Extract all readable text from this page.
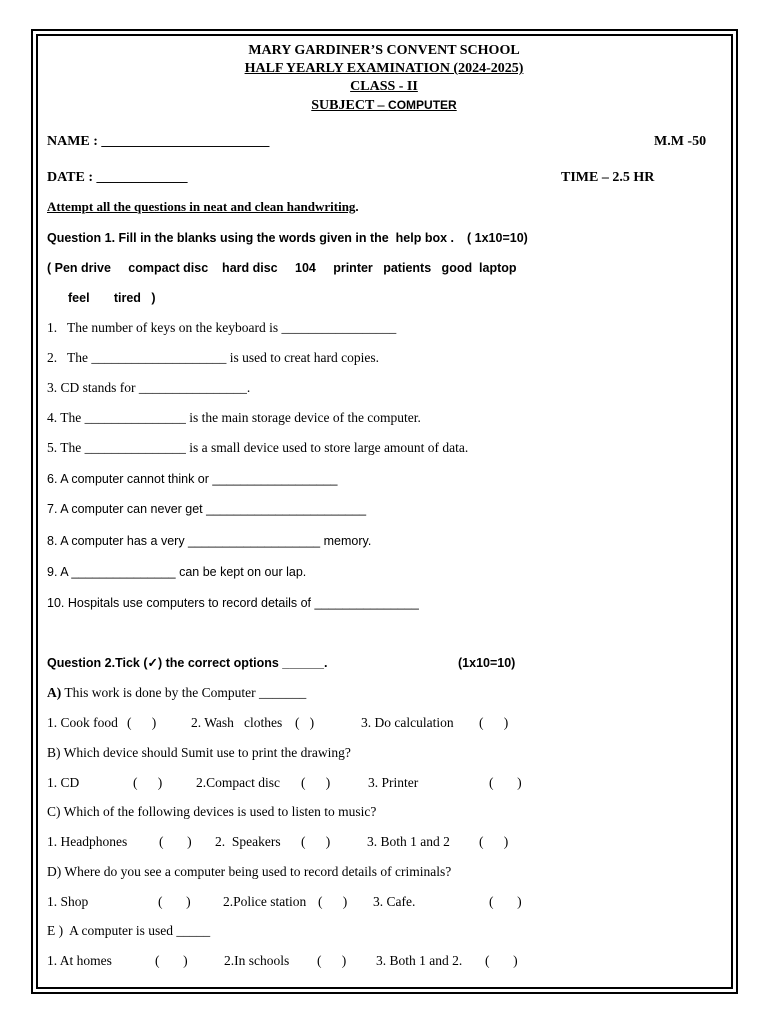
MARY GARDINER’S CONVENT SCHOOL
HALF YEARLY EXAMINATION (2024-2025)
CLASS - II
SUBJECT – COMPUTER
NAME : ________________________	M.M -50
DATE : _____________	TIME – 2.5 HR
Attempt all the questions in neat and clean handwriting.
Question 1. Fill in the blanks using the words given in the  help box . ( 1x10=10)
( Pen drive     compact disc    hard disc     104     printer   patients   good  laptop
feel       tired   )
1.   The number of keys on the keyboard is _________________
2.   The ____________________ is used to creat hard copies.
3. CD stands for ________________.
4. The _______________ is the main storage device of the computer.
5. The _______________ is a small device used to store large amount of data.
6. A computer cannot think or __________________
7. A computer can never get _______________________
8. A computer has a very ___________________ memory.
9. A _______________ can be kept on our lap.
10. Hospitals use computers to record details of _______________
Question 2.Tick (✓) the correct options ______.	(1x10=10)
A) This work is done by the Computer _______
1. Cook food (      )	2. Wash   clothes (   )	3. Do calculation (      )
B) Which device should Sumit use to print the drawing?
1. CD	(      )	2.Compact disc (      )	3. Printer	(       )
C) Which of the following devices is used to listen to music?
1. Headphones (       ) 2.  Speakers (      )	3. Both 1 and 2 (      )
D) Where do you see a computer being used to record details of criminals?
1. Shop	(       ) 2.Police station (      ) 3. Cafe.	(       )
E )  A computer is used _____
1. At homes	(       )	2.In schools (      ) 3. Both 1 and 2. (       )
